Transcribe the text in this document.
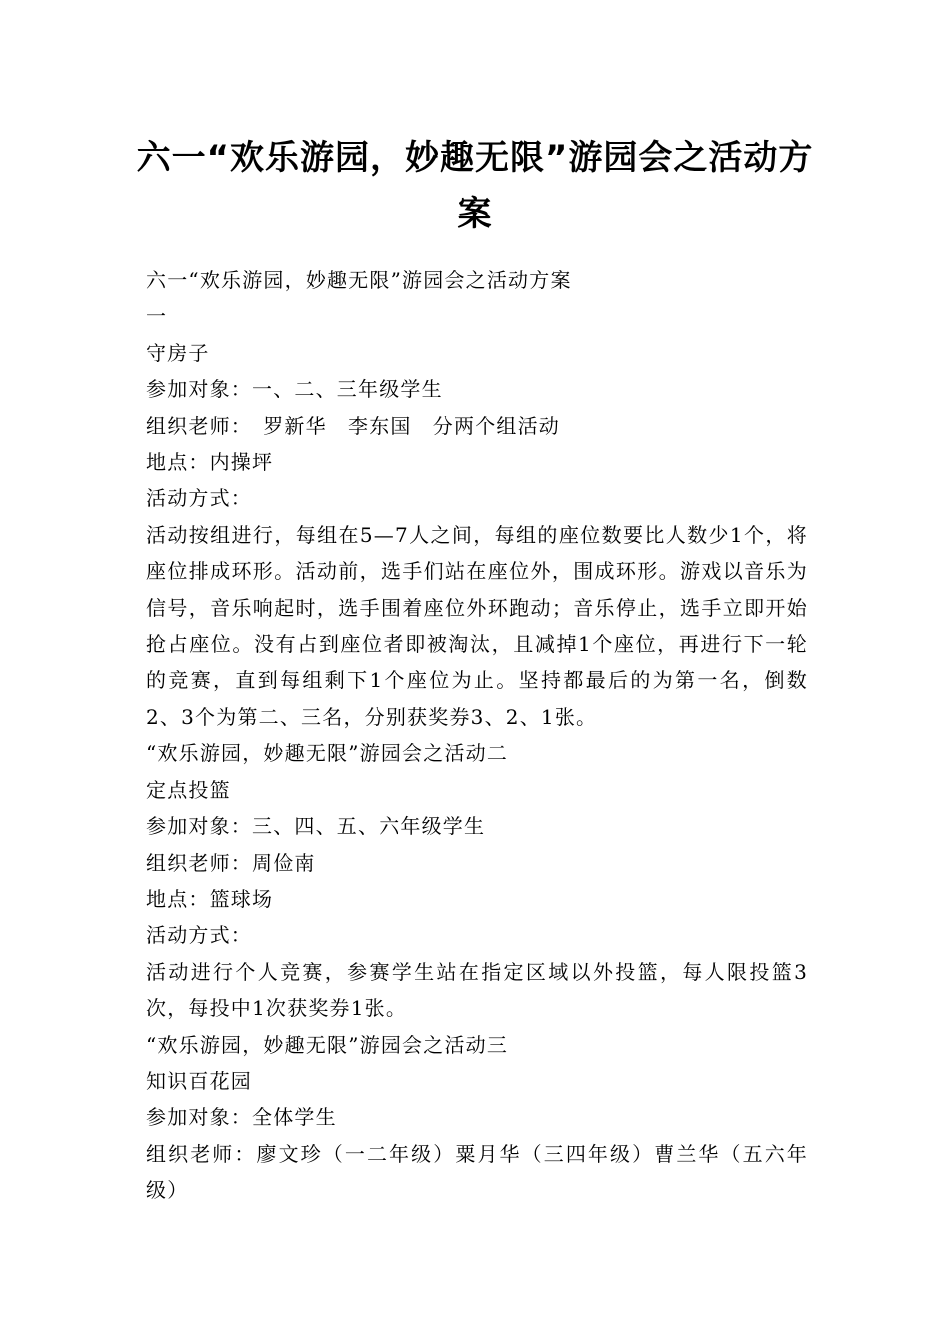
六一“欢乐游园，妙趣无限”游园会之活动方案

六一“欢乐游园，妙趣无限”游园会之活动方案

一

守房子

参加对象：一、二、三年级学生

组织老师：　罗新华　李东国　分两个组活动

地点：内操坪

活动方式：

活动按组进行，每组在5—7人之间，每组的座位数要比人数少1个，将座位排成环形。活动前，选手们站在座位外，围成环形。游戏以音乐为信号，音乐响起时，选手围着座位外环跑动；音乐停止，选手立即开始抢占座位。没有占到座位者即被淘汰，且减掉1个座位，再进行下一轮的竞赛，直到每组剩下1个座位为止。坚持都最后的为第一名，倒数2、3个为第二、三名，分别获奖券3、2、1张。

“欢乐游园，妙趣无限”游园会之活动二

定点投篮

参加对象：三、四、五、六年级学生

组织老师：周俭南

地点：篮球场

活动方式：

活动进行个人竞赛，参赛学生站在指定区域以外投篮，每人限投篮3次，每投中1次获奖券1张。

“欢乐游园，妙趣无限”游园会之活动三

知识百花园

参加对象：全体学生

组织老师：廖文珍（一二年级）粟月华（三四年级）曹兰华（五六年级）
